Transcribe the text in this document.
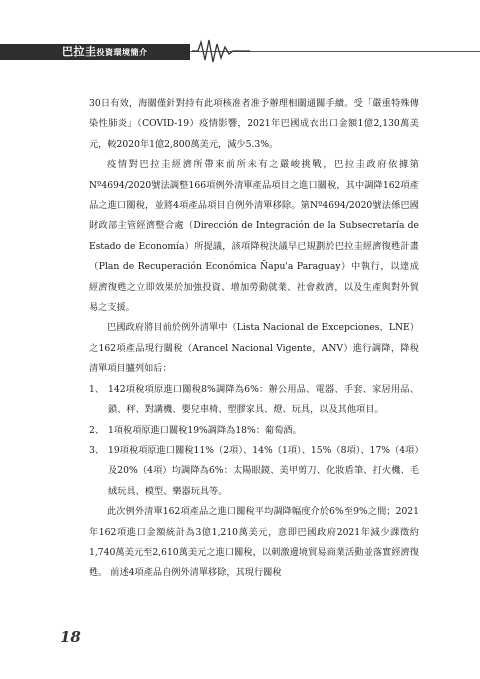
巴拉圭投資環境簡介

30日有效，海關僅針對持有此項核准者准予辦理相關通關手續。受「嚴重特殊傳染性肺炎」（COVID-19）疫情影響，2021年巴國成衣出口金額1億2,130萬美元，較2020年1億2,800萬美元，減少5.3%。

疫情對巴拉圭經濟所帶來前所未有之嚴峻挑戰，巴拉圭政府依據第Nº4694/2020號法調整166項例外清單產品項目之進口關稅，其中調降162項產品之進口關稅，並將4項產品項目自例外清單移除。第Nº4694/2020號法係巴國財政部主管經濟整合處（Dirección de Integración de la Subsecretaría de Estado de Economía）所提議，該項降稅決議早已規劃於巴拉圭經濟復甦計畫（Plan de Recuperación Económica Ñapu'a Paraguay）中執行，以達成經濟復甦之立即效果於加強投資、增加勞動就業、社會救濟，以及生產與對外貿易之支援。

巴國政府將目前於例外清單中（Lista Nacional de Excepciones，LNE）之162項產品現行關稅（Arancel Nacional Vigente，ANV）進行調降，降稅清單項目臚列如后：

1、 142項稅項原進口關稅8%調降為6%：辦公用品、電器、手套、家居用品、鎖、秤、對講機、嬰兒車椅、塑膠家具、燈、玩具，以及其他項目。
2、 1項稅項原進口關稅19%調降為18%：葡萄酒。
3、 19項稅項原進口關稅11%（2項）、14%（1項）、15%（8項）、17%（4項）及20%（4項）均調降為6%：太陽眼鏡、美甲剪刀、化妝盾筆、打火機、毛絨玩具、模型、樂器玩具等。

此次例外清單162項產品之進口關稅平均調降幅度介於6%至9%之間；2021年162項進口金額統計為3億1,210萬美元，意即巴國政府2021年減少課徵約1,740萬美元至2,610萬美元之進口關稅，以刺激邊境貿易商業活動並落實經濟復甦。 前述4項產品自例外清單移除，其現行關稅

18
